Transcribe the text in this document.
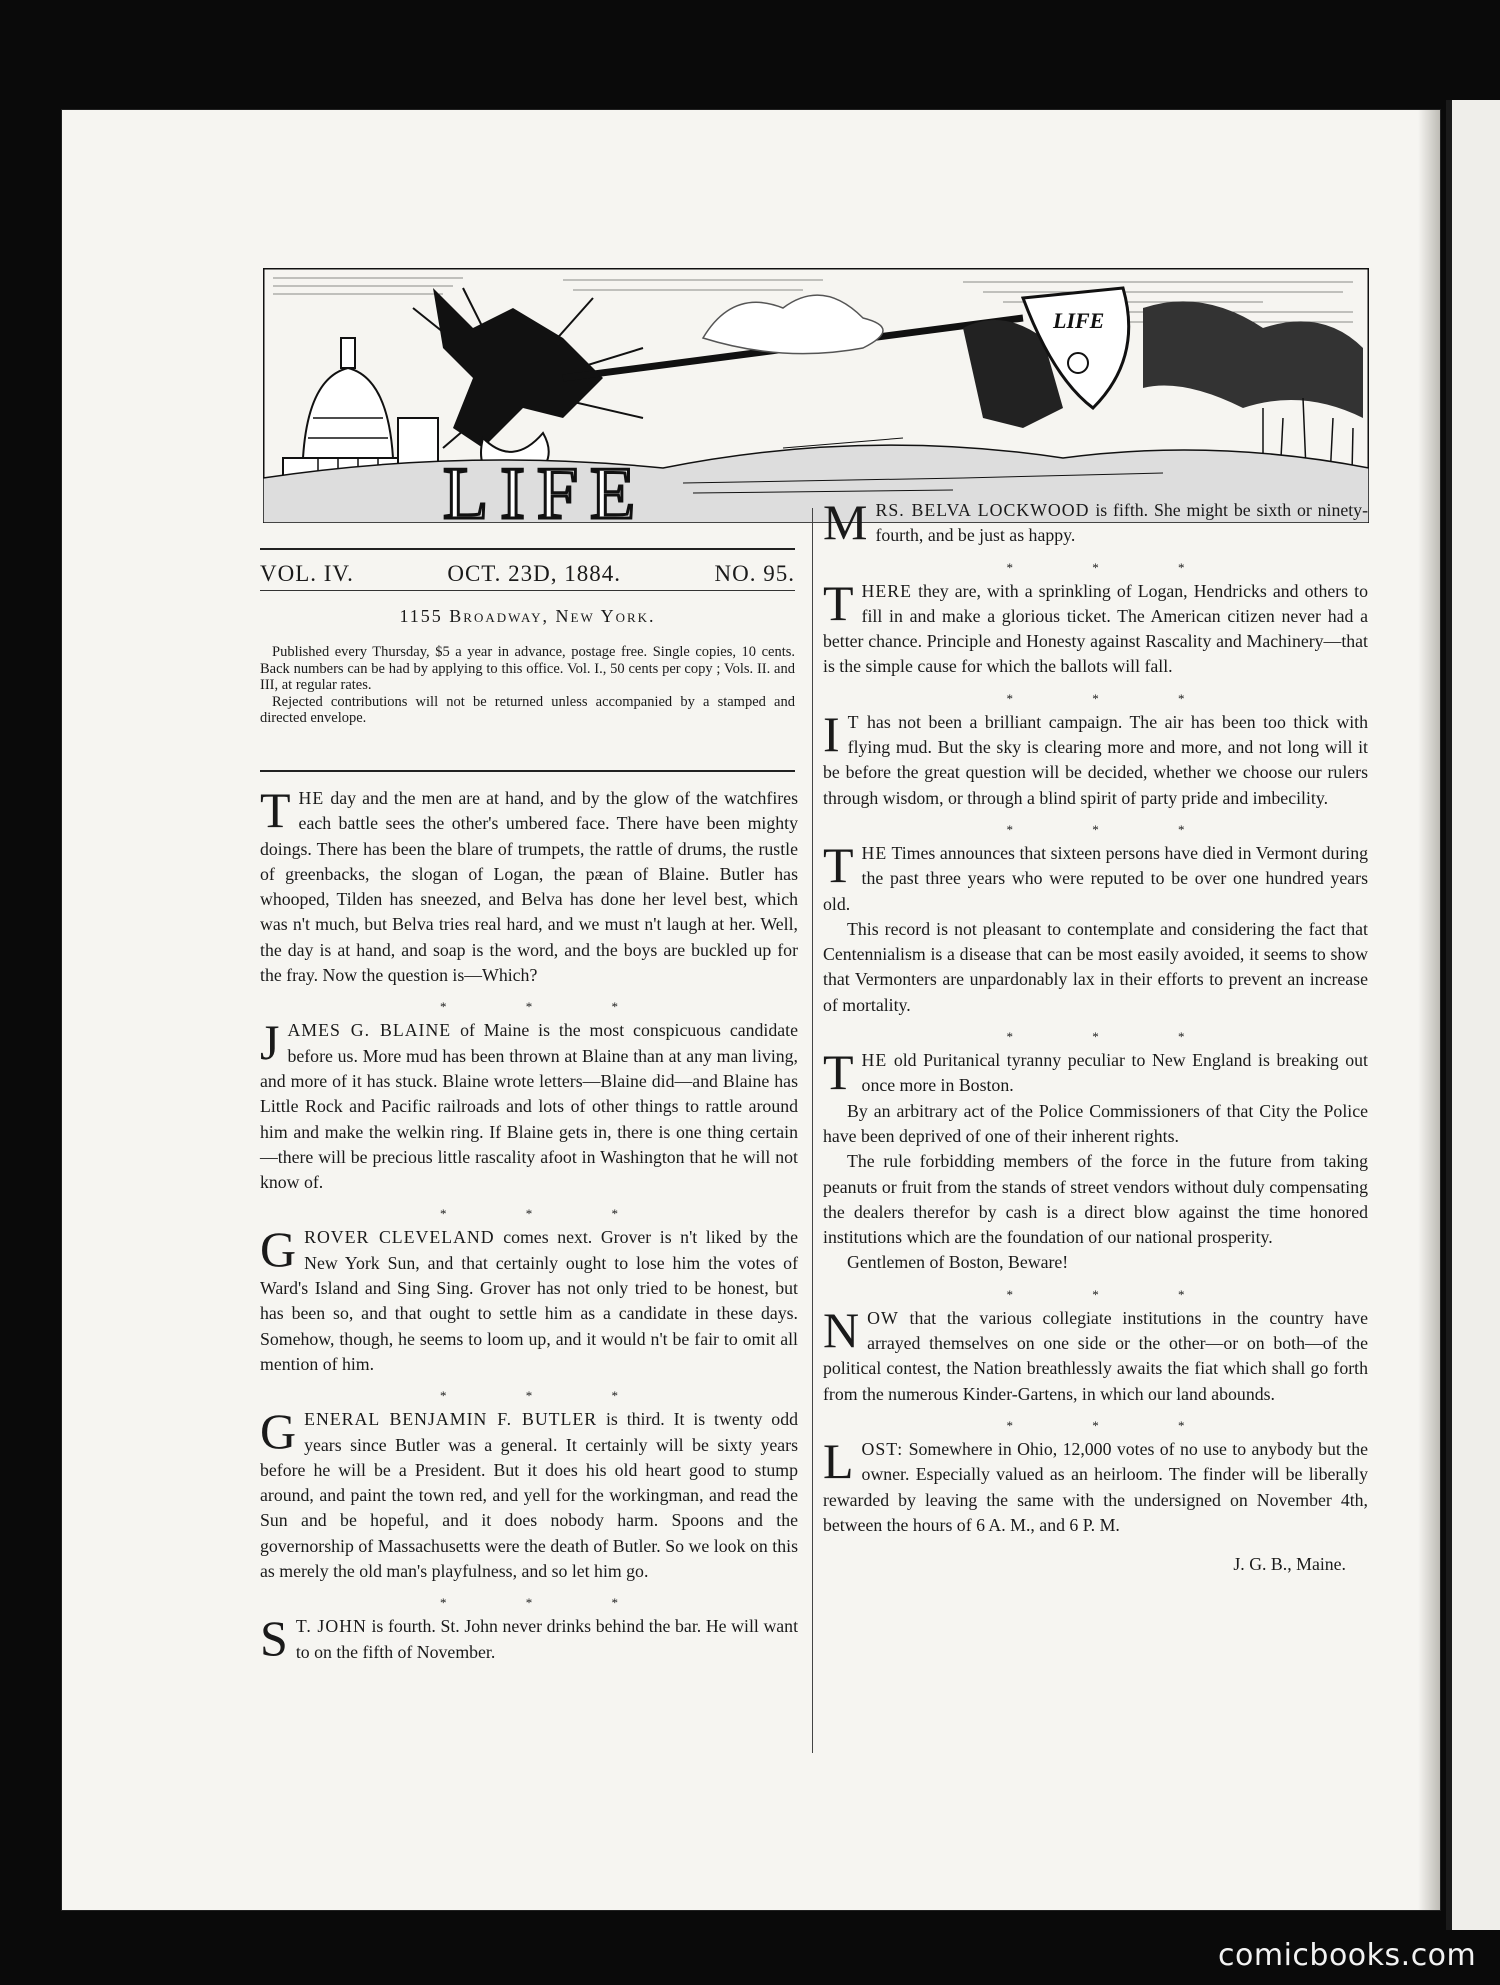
LIFE
LIFE
VOL. IV.	OCT. 23D, 1884.	NO. 95.
1155 Broadway, New York.

Published every Thursday, $5 a year in advance, postage free. Single copies, 10 cents. Back numbers can be had by applying to this office. Vol. I., 50 cents per copy ; Vols. II. and III, at regular rates.

Rejected contributions will not be returned unless accompanied by a stamped and directed envelope.

THE day and the men are at hand, and by the glow of the watchfires each battle sees the other's umbered face. There have been mighty doings. There has been the blare of trumpets, the rattle of drums, the rustle of greenbacks, the slogan of Logan, the pæan of Blaine. Butler has whooped, Tilden has sneezed, and Belva has done her level best, which was n't much, but Belva tries real hard, and we must n't laugh at her. Well, the day is at hand, and soap is the word, and the boys are buckled up for the fray. Now the question is—Which?
* * *
JAMES G. BLAINE of Maine is the most conspicuous candidate before us. More mud has been thrown at Blaine than at any man living, and more of it has stuck. Blaine wrote letters—Blaine did—and Blaine has Little Rock and Pacific railroads and lots of other things to rattle around him and make the welkin ring. If Blaine gets in, there is one thing certain—there will be precious little rascality afoot in Washington that he will not know of.
* * *
GROVER CLEVELAND comes next. Grover is n't liked by the New York Sun, and that certainly ought to lose him the votes of Ward's Island and Sing Sing. Grover has not only tried to be honest, but has been so, and that ought to settle him as a candidate in these days. Somehow, though, he seems to loom up, and it would n't be fair to omit all mention of him.
* * *
GENERAL BENJAMIN F. BUTLER is third. It is twenty odd years since Butler was a general. It certainly will be sixty years before he will be a President. But it does his old heart good to stump around, and paint the town red, and yell for the workingman, and read the Sun and be hopeful, and it does nobody harm. Spoons and the governorship of Massachusetts were the death of Butler. So we look on this as merely the old man's playfulness, and so let him go.
* * *
S T. JOHN is fourth. St. John never drinks behind the bar. He will want to on the fifth of November.
MRS. BELVA LOCKWOOD is fifth. She might be sixth or ninety-fourth, and be just as happy.
* * *
THERE they are, with a sprinkling of Logan, Hendricks and others to fill in and make a glorious ticket. The American citizen never had a better chance. Principle and Honesty against Rascality and Machinery—that is the simple cause for which the ballots will fall.
* * *
I T has not been a brilliant campaign. The air has been too thick with flying mud. But the sky is clearing more and more, and not long will it be before the great question will be decided, whether we choose our rulers through wisdom, or through a blind spirit of party pride and imbecility.
* * *
THE Times announces that sixteen persons have died in Vermont during the past three years who were reputed to be over one hundred years old.

This record is not pleasant to contemplate and considering the fact that Centennialism is a disease that can be most easily avoided, it seems to show that Vermonters are unpardonably lax in their efforts to prevent an increase of mortality.

* * *
THE old Puritanical tyranny peculiar to New England is breaking out once more in Boston.

By an arbitrary act of the Police Commissioners of that City the Police have been deprived of one of their inherent rights.

The rule forbidding members of the force in the future from taking peanuts or fruit from the stands of street vendors without duly compensating the dealers therefor by cash is a direct blow against the time honored institutions which are the foundation of our national prosperity.

Gentlemen of Boston, Beware!

* * *
NOW that the various collegiate institutions in the country have arrayed themselves on one side or the other—or on both—of the political contest, the Nation breathlessly awaits the fiat which shall go forth from the numerous Kinder-Gartens, in which our land abounds.
* * *
LOST: Somewhere in Ohio, 12,000 votes of no use to anybody but the owner. Especially valued as an heirloom. The finder will be liberally rewarded by leaving the same with the undersigned on November 4th, between the hours of 6 A. M., and 6 P. M.
J. G. B., Maine.
comicbooks.com
